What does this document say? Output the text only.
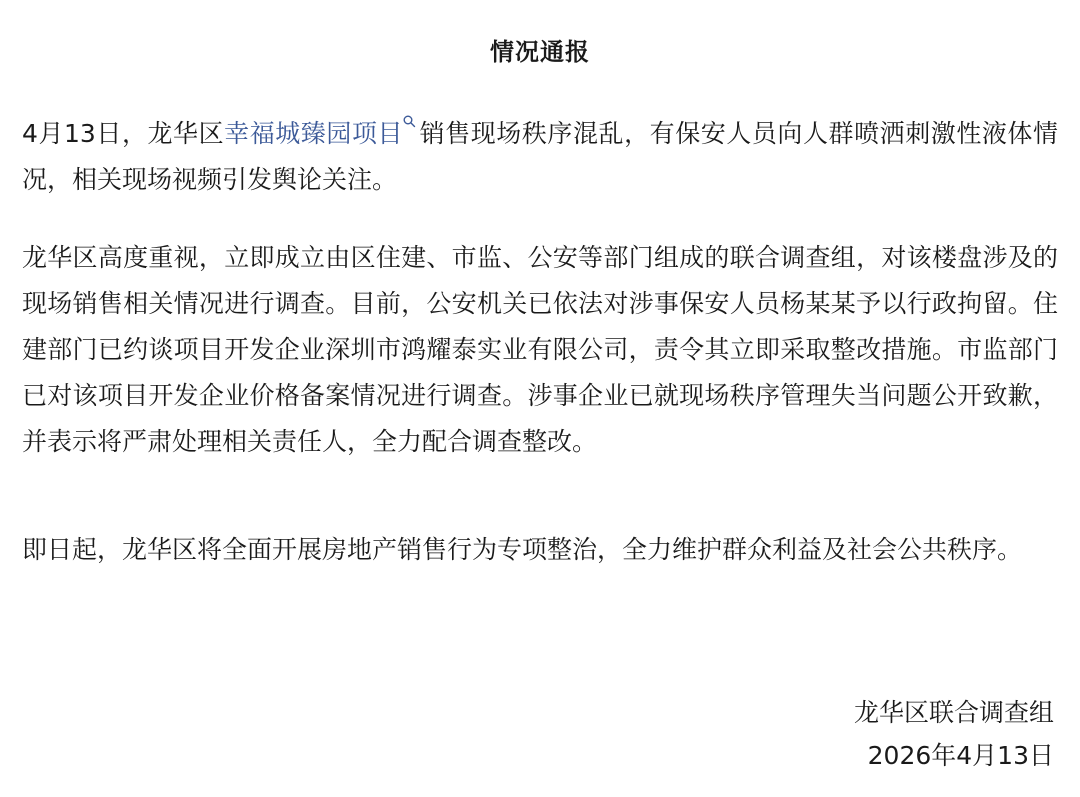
情况通报

4月13日，龙华区幸福城臻园项目 销售现场秩序混乱，有保安人员向人群喷洒刺激性液体情况，相关现场视频引发舆论关注。

龙华区高度重视，立即成立由区住建、市监、公安等部门组成的联合调查组，对该楼盘涉及的现场销售相关情况进行调查。目前，公安机关已依法对涉事保安人员杨某某予以行政拘留。住建部门已约谈项目开发企业深圳市鸿耀泰实业有限公司，责令其立即采取整改措施。市监部门已对该项目开发企业价格备案情况进行调查。涉事企业已就现场秩序管理失当问题公开致歉，并表示将严肃处理相关责任人，全力配合调查整改。

即日起，龙华区将全面开展房地产销售行为专项整治，全力维护群众利益及社会公共秩序。

龙华区联合调查组

2026年4月13日
